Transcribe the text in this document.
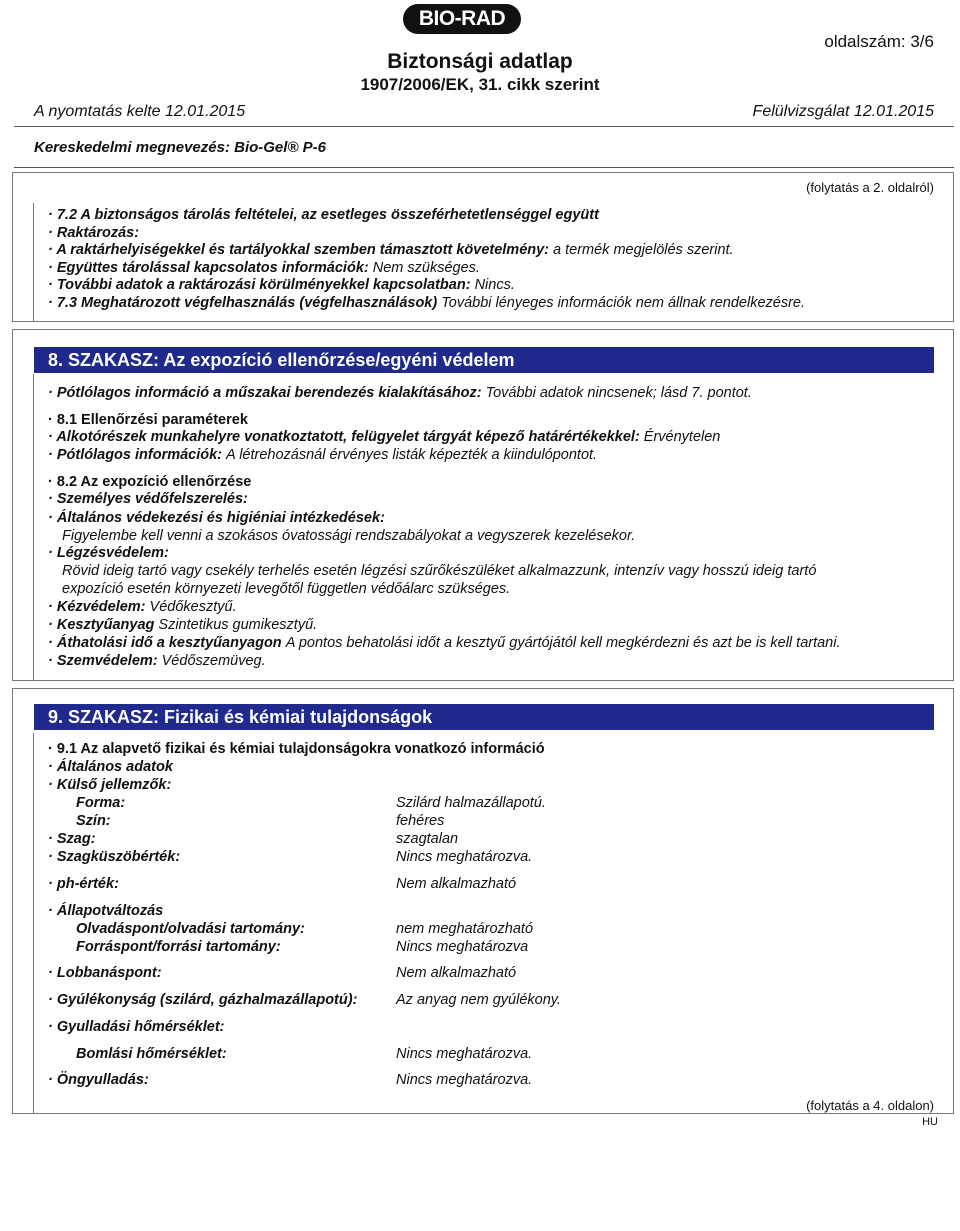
BIO-RAD
oldalszám: 3/6
Biztonsági adatlap
1907/2006/EK, 31. cikk szerint
A nyomtatás kelte 12.01.2015	Felülvizsgálat 12.01.2015
Kereskedelmi megnevezés: Bio-Gel® P-6
(folytatás a 2. oldalról)
· 7.2 A biztonságos tárolás feltételei, az esetleges összeférhetetlenséggel együtt
· Raktározás:
· A raktárhelyiségekkel és tartályokkal szemben támasztott követelmény: a termék megjelölés szerint.
· Együttes tárolással kapcsolatos információk: Nem szükséges.
· További adatok a raktározási körülményekkel kapcsolatban: Nincs.
· 7.3 Meghatározott végfelhasználás (végfelhasználások) További lényeges információk nem állnak rendelkezésre.
8. SZAKASZ: Az expozíció ellenőrzése/egyéni védelem
· Pótlólagos információ a műszakai berendezés kialakításához: További adatok nincsenek; lásd 7. pontot.
· 8.1 Ellenőrzési paraméterek
· Alkotórészek munkahelyre vonatkoztatott, felügyelet tárgyát képező határértékekkel: Érvénytelen
· Pótlólagos információk: A létrehozásnál érvényes listák képezték a kiindulópontot.
· 8.2 Az expozíció ellenőrzése
· Személyes védőfelszerelés:
· Általános védekezési és higiéniai intézkedések:
Figyelembe kell venni a szokásos óvatossági rendszabályokat a vegyszerek kezelésekor.
· Légzésvédelem:
Rövid ideig tartó vagy csekély terhelés esetén légzési szűrőkészüléket alkalmazzunk, intenzív vagy hosszú ideig tartó
expozíció esetén környezeti levegőtől független védőálarc szükséges.
· Kézvédelem: Védőkesztyű.
· Kesztyűanyag Szintetikus gumikesztyű.
· Áthatolási idő a kesztyűanyagon A pontos behatolási időt a kesztyű gyártójától kell megkérdezni és azt be is kell tartani.
· Szemvédelem: Védőszemüveg.
9. SZAKASZ: Fizikai és kémiai tulajdonságok
· 9.1 Az alapvető fizikai és kémiai tulajdonságokra vonatkozó információ
· Általános adatok
· Külső jellemzők:
Forma:	Szilárd halmazállapotú.
Szín:	fehéres
· Szag:	szagtalan
· Szagküszöbérték:	Nincs meghatározva.
· ph-érték:	Nem alkalmazható
· Állapotváltozás
Olvadáspont/olvadási tartomány:	nem meghatározható
Forráspont/forrási tartomány:	Nincs meghatározva
· Lobbanáspont:	Nem alkalmazható
· Gyúlékonyság (szilárd, gázhalmazállapotú):	Az anyag nem gyúlékony.
· Gyulladási hőmérséklet:
Bomlási hőmérséklet:	Nincs meghatározva.
· Öngyulladás:	Nincs meghatározva.
(folytatás a 4. oldalon)
HU
